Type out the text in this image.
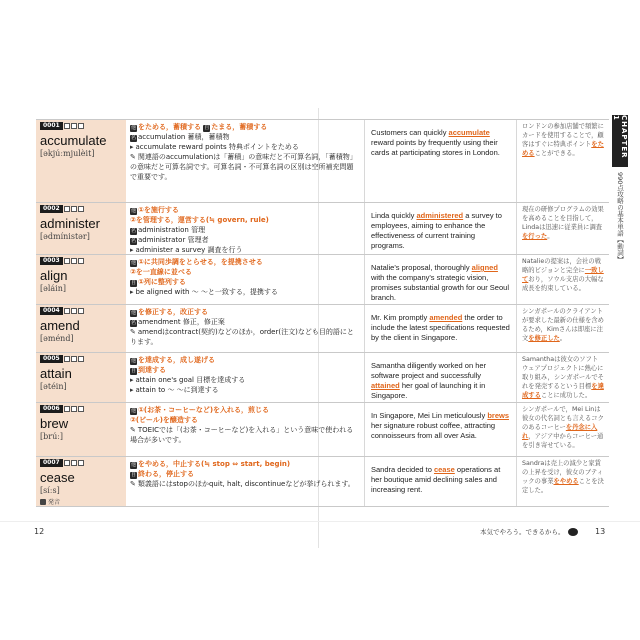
CHAPTER 1
990点攻略の基本単語【動詞】
0001
accumulate
[əkjúːmjulèit]
他 をためる，蓄積する 自 たまる，蓄積する
名 accumulation 蓄積，蓄積物
▸ accumulate reward points 特典ポイントをためる
✎ 関連語のaccumulationは「蓄積」の意味だと不可算名詞，「蓄積物」の意味だと可算名詞です。可算名詞・不可算名詞の区別は空所補充問題で重要です。
Customers can quickly accumulate reward points by frequently using their cards at participating stores in London.
ロンドンの参加店舗で頻繁にカードを使用することで，顧客はすぐに特典ポイントをためることができる。
0002
administer
[ədmínistər]
他 ①を施行する
②を管理する，運営する(≒ govern, rule)
名 administration 管理
名 administrator 管理者
▸ administer a survey 調査を行う
Linda quickly administered a survey to employees, aiming to enhance the effectiveness of current training programs.
現在の研修プログラムの効果を高めることを目指して，Lindaは迅速に従業員に調査を行った。
0003
align
[əláin]
他 ①に共同歩調をとらせる，を提携させる
②を一直線に並べる
自 ①列に整列する
▸ be aligned with ～ ～と一致する，提携する
Natalie's proposal, thoroughly aligned with the company's strategic vision, promises substantial growth for our Seoul branch.
Natalieの提案は，会社の戦略的ビジョンと完全に一致しており，ソウル支店の大幅な成長を約束している。
0004
amend
[əménd]
他 を修正する，改正する
名 amendment 修正，修正案
✎ amendはcontract(契約)などのほか，order(注文)なども目的語にとります。
Mr. Kim promptly amended the order to include the latest specifications requested by the client in Singapore.
シンガポールのクライアントが要求した最新の仕様を含めるため，Kimさんは即座に注文を修正した。
0005
attain
[ətéin]
他 を達成する，成し遂げる
自 到達する
▸ attain one's goal 目標を達成する
▸ attain to ～ ～に到達する
Samantha diligently worked on her software project and successfully attained her goal of launching it in Singapore.
Samanthaは彼女のソフトウェアプロジェクトに熱心に取り組み，シンガポールでそれを発売するという目標を達成することに成功した。
0006
brew
[brúː]
他 ①(お茶・コーヒーなど)を入れる，煎じる
②(ビール)を醸造する
✎ TOEICでは「(お茶・コーヒーなど)を入れる」という意味で使われる場合が多いです。
In Singapore, Mei Lin meticulously brews her signature robust coffee, attracting connoisseurs from all over Asia.
シンガポールで，Mei Linは彼女の代名詞とも言えるコクのあるコーヒーを丹念に入れ，アジア中からコーヒー通を引き寄せている。
0007
cease
[síːs]
発音
他 をやめる，中止する(≒ stop ⇔ start, begin)
自 終わる，停止する
✎ 類義語にはstopのほかquit, halt, discontinueなどが挙げられます。
Sandra decided to cease operations at her boutique amid declining sales and increasing rent.
Sandraは売上の減少と家賃の上昇を受け，彼女のブティックの事業をやめることを決定した。
12	本気でやろう。できるから。	13
